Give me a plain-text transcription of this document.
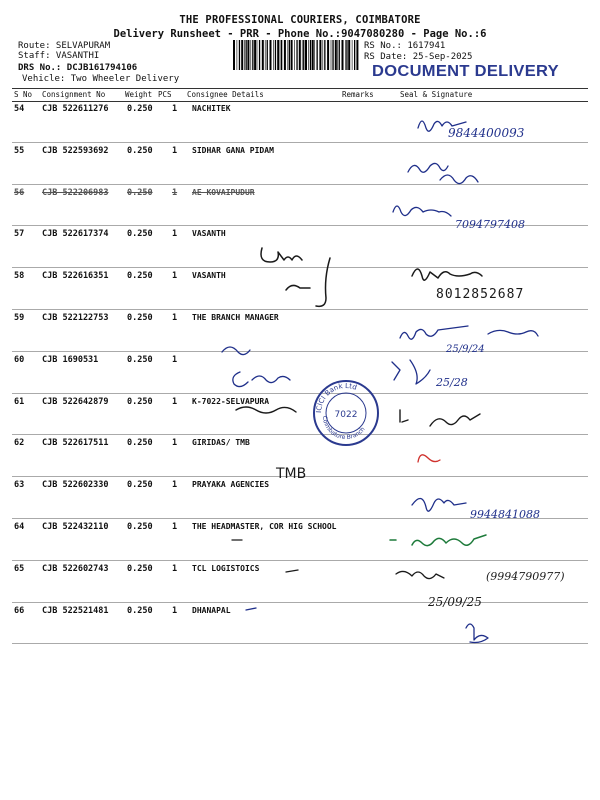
THE PROFESSIONAL COURIERS, COIMBATORE
Delivery Runsheet - PRR - Phone No.:9047080280 - Page No.:6
Route: SELVAPURAM
Staff: VASANTHI
DRS No.: DCJB161794106
Vehicle: Two Wheeler Delivery
RS No.: 1617941
RS Date: 25-Sep-2025
DOCUMENT DELIVERY
S No Consignment No	Weight PCS Consignee Details	Remarks	Seal & Signature
54 CJB 522611276 0.250 1 NACHITEK
55 CJB 522593692 0.250 1 SIDHAR GANA PIDAM
56 CJB 522206983 0.250 1 AE KOVAIPUDUR
57 CJB 522617374 0.250 1 VASANTH
58 CJB 522616351 0.250 1 VASANTH
59 CJB 522122753 0.250 1 THE BRANCH MANAGER
60 CJB 1690531	0.250 1
61 CJB 522642879 0.250 1 K-7022-SELVAPURA
62 CJB 522617511 0.250 1 GIRIDAS/ TMB
63 CJB 522602330 0.250 1 PRAYAKA AGENCIES
64 CJB 522432110 0.250 1 THE HEADMASTER, COR HIG SCHOOL
65 CJB 522602743 0.250 1 TCL LOGISTOICS
66 CJB 522521481 0.250 1 DHANAPAL
9844400093
7094797408
8012852687
25/9/24
25/28
TMB
9944841088
(9994790977)
25/09/25
ICICI Bank Ltd
Coimbatore Branch
7022
